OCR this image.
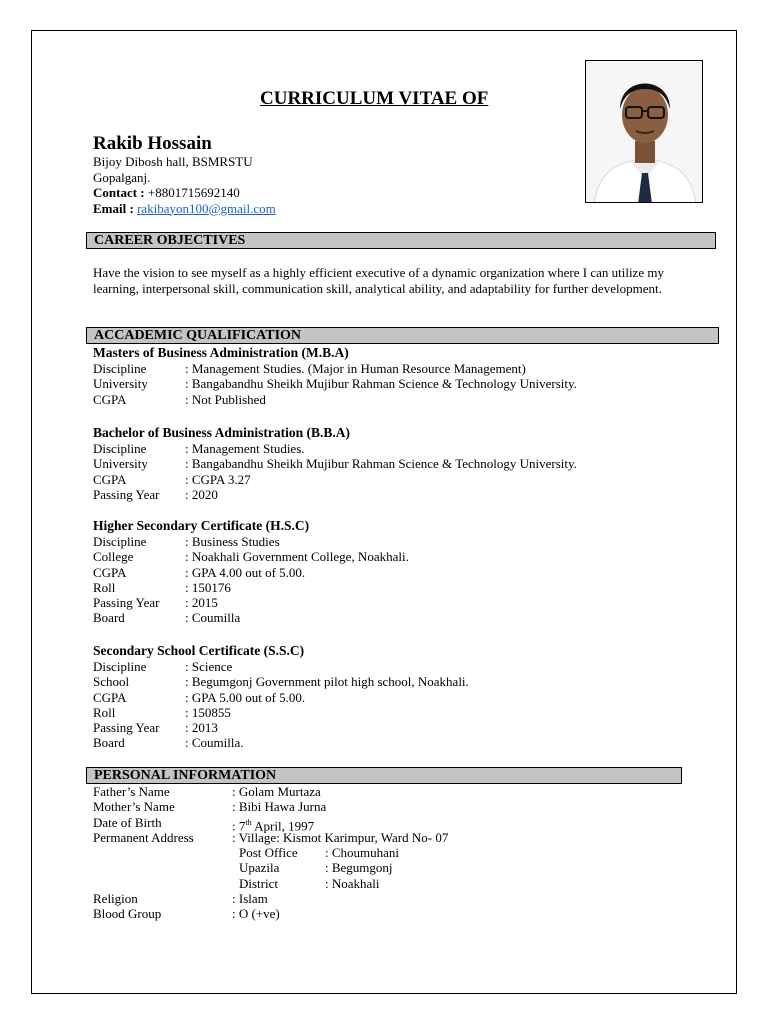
CURRICULUM VITAE OF
Rakib Hossain
Bijoy Dibosh hall, BSMRSTU
Gopalganj.
Contact : +8801715692140
Email : rakibayon100@gmail.com
CAREER OBJECTIVES
Have the vision to see myself as a highly efficient executive of a dynamic organization where I can utilize my learning, interpersonal skill, communication skill, analytical ability, and adaptability for further development.
ACCADEMIC QUALIFICATION
Masters of Business Administration (M.B.A)
Discipline	: Management Studies. (Major in Human Resource Management)
University	: Bangabandhu Sheikh Mujibur Rahman Science & Technology University.
CGPA	: Not Published
Bachelor of Business Administration (B.B.A)
Discipline	: Management Studies.
University	: Bangabandhu Sheikh Mujibur Rahman Science & Technology University.
CGPA	: CGPA 3.27
Passing Year : 2020
Higher Secondary Certificate (H.S.C)
Discipline	: Business Studies
College	: Noakhali Government College, Noakhali.
CGPA	: GPA 4.00 out of 5.00.
Roll	: 150176
Passing Year : 2015
Board	: Coumilla
Secondary School Certificate (S.S.C)
Discipline	: Science
School	: Begumgonj Government pilot high school, Noakhali.
CGPA	: GPA 5.00 out of 5.00.
Roll	: 150855
Passing Year : 2013
Board	: Coumilla.
PERSONAL INFORMATION
Father’s Name	: Golam Murtaza
Mother’s Name	: Bibi Hawa Jurna
Date of Birth	: 7th April, 1997
Permanent Address	: Village: Kismot Karimpur, Ward No- 07
Post Office : Choumuhani
Upazila	: Begumgonj
District	: Noakhali
Religion	: Islam
Blood Group	: O (+ve)
